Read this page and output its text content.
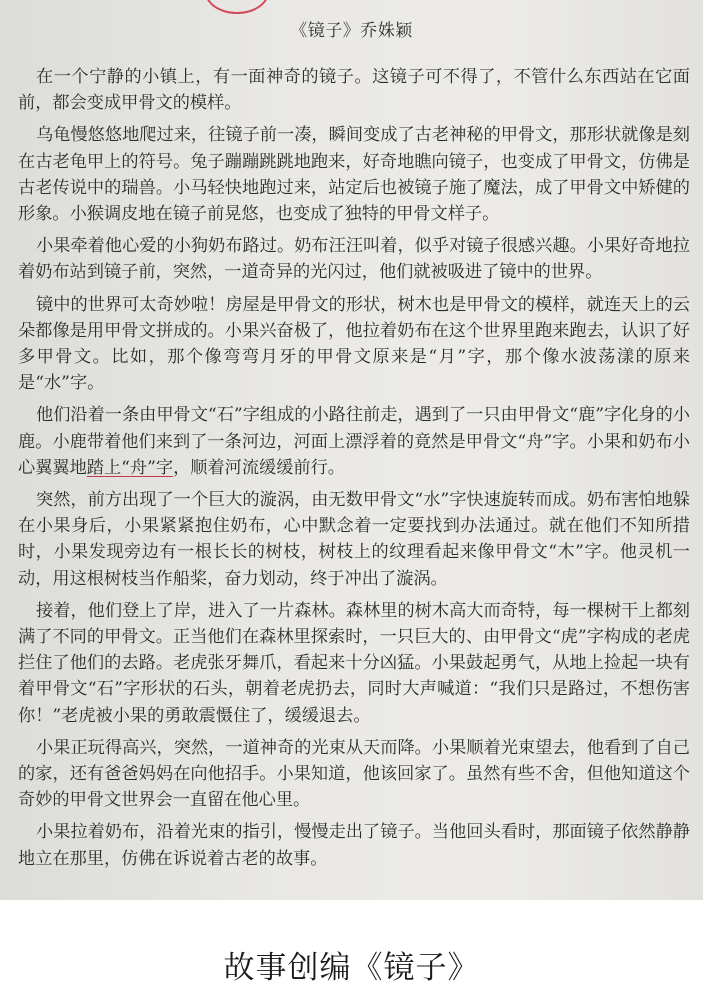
《镜子》乔姝颖

在一个宁静的小镇上，有一面神奇的镜子。这镜子可不得了，不管什么东西站在它面前，都会变成甲骨文的模样。

乌龟慢悠悠地爬过来，往镜子前一凑，瞬间变成了古老神秘的甲骨文，那形状就像是刻在古老龟甲上的符号。兔子蹦蹦跳跳地跑来，好奇地瞧向镜子，也变成了甲骨文，仿佛是古老传说中的瑞兽。小马轻快地跑过来，站定后也被镜子施了魔法，成了甲骨文中矫健的形象。小猴调皮地在镜子前晃悠，也变成了独特的甲骨文样子。

小果牵着他心爱的小狗奶布路过。奶布汪汪叫着，似乎对镜子很感兴趣。小果好奇地拉着奶布站到镜子前，突然，一道奇异的光闪过，他们就被吸进了镜中的世界。

镜中的世界可太奇妙啦！房屋是甲骨文的形状，树木也是甲骨文的模样，就连天上的云朵都像是用甲骨文拼成的。小果兴奋极了，他拉着奶布在这个世界里跑来跑去，认识了好多甲骨文。比如，那个像弯弯月牙的甲骨文原来是“月”字，那个像水波荡漾的原来是“水”字。

他们沿着一条由甲骨文“石”字组成的小路往前走，遇到了一只由甲骨文“鹿”字化身的小鹿。小鹿带着他们来到了一条河边，河面上漂浮着的竟然是甲骨文“舟”字。小果和奶布小心翼翼地踏上“舟”字，顺着河流缓缓前行。

突然，前方出现了一个巨大的漩涡，由无数甲骨文“水”字快速旋转而成。奶布害怕地躲在小果身后，小果紧紧抱住奶布，心中默念着一定要找到办法通过。就在他们不知所措时，小果发现旁边有一根长长的树枝，树枝上的纹理看起来像甲骨文“木”字。他灵机一动，用这根树枝当作船桨，奋力划动，终于冲出了漩涡。

接着，他们登上了岸，进入了一片森林。森林里的树木高大而奇特，每一棵树干上都刻满了不同的甲骨文。正当他们在森林里探索时，一只巨大的、由甲骨文“虎”字构成的老虎拦住了他们的去路。老虎张牙舞爪，看起来十分凶猛。小果鼓起勇气，从地上捡起一块有着甲骨文“石”字形状的石头，朝着老虎扔去，同时大声喊道：“我们只是路过，不想伤害你！”老虎被小果的勇敢震慑住了，缓缓退去。

小果正玩得高兴，突然，一道神奇的光束从天而降。小果顺着光束望去，他看到了自己的家，还有爸爸妈妈在向他招手。小果知道，他该回家了。虽然有些不舍，但他知道这个奇妙的甲骨文世界会一直留在他心里。

小果拉着奶布，沿着光束的指引，慢慢走出了镜子。当他回头看时，那面镜子依然静静地立在那里，仿佛在诉说着古老的故事。

故事创编《镜子》
